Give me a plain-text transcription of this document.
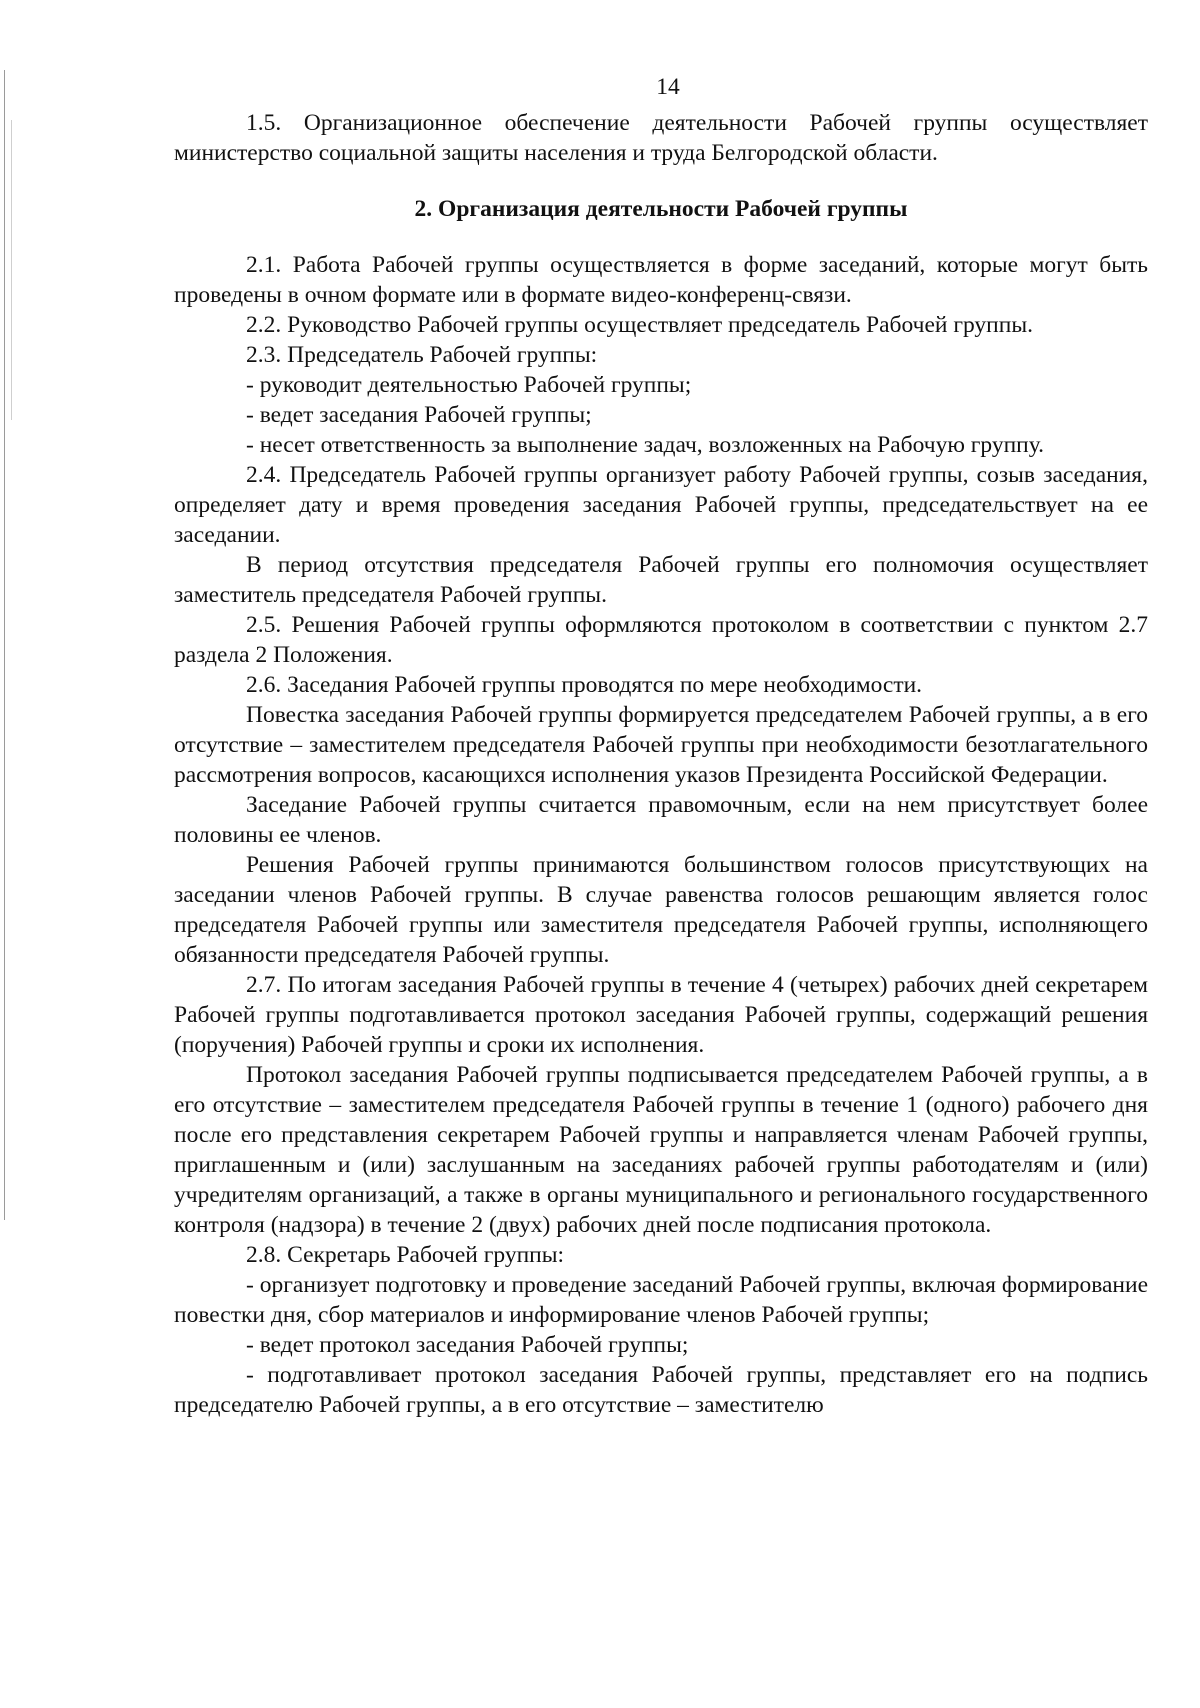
14

1.5. Организационное обеспечение деятельности Рабочей группы осуществляет министерство социальной защиты населения и труда Белгородской области.

2. Организация деятельности Рабочей группы

2.1. Работа Рабочей группы осуществляется в форме заседаний, которые могут быть проведены в очном формате или в формате видео-конференц-связи.

2.2. Руководство Рабочей группы осуществляет председатель Рабочей группы.

2.3. Председатель Рабочей группы:

- руководит деятельностью Рабочей группы;

- ведет заседания Рабочей группы;

- несет ответственность за выполнение задач, возложенных на Рабочую группу.

2.4. Председатель Рабочей группы организует работу Рабочей группы, созыв заседания, определяет дату и время проведения заседания Рабочей группы, председательствует на ее заседании.

В период отсутствия председателя Рабочей группы его полномочия осуществляет заместитель председателя Рабочей группы.

2.5. Решения Рабочей группы оформляются протоколом в соответствии с пунктом 2.7 раздела 2 Положения.

2.6. Заседания Рабочей группы проводятся по мере необходимости.

Повестка заседания Рабочей группы формируется председателем Рабочей группы, а в его отсутствие – заместителем председателя Рабочей группы при необходимости безотлагательного рассмотрения вопросов, касающихся исполнения указов Президента Российской Федерации.

Заседание Рабочей группы считается правомочным, если на нем присутствует более половины ее членов.

Решения Рабочей группы принимаются большинством голосов присутствующих на заседании членов Рабочей группы. В случае равенства голосов решающим является голос председателя Рабочей группы или заместителя председателя Рабочей группы, исполняющего обязанности председателя Рабочей группы.

2.7. По итогам заседания Рабочей группы в течение 4 (четырех) рабочих дней секретарем Рабочей группы подготавливается протокол заседания Рабочей группы, содержащий решения (поручения) Рабочей группы и сроки их исполнения.

Протокол заседания Рабочей группы подписывается председателем Рабочей группы, а в его отсутствие – заместителем председателя Рабочей группы в течение 1 (одного) рабочего дня после его представления секретарем Рабочей группы и направляется членам Рабочей группы, приглашенным и (или) заслушанным на заседаниях рабочей группы работодателям и (или) учредителям организаций, а также в органы муниципального и регионального государственного контроля (надзора) в течение 2 (двух) рабочих дней после подписания протокола.

2.8. Секретарь Рабочей группы:

- организует подготовку и проведение заседаний Рабочей группы, включая формирование повестки дня, сбор материалов и информирование членов Рабочей группы;

- ведет протокол заседания Рабочей группы;

- подготавливает протокол заседания Рабочей группы, представляет его на подпись председателю Рабочей группы, а в его отсутствие – заместителю
